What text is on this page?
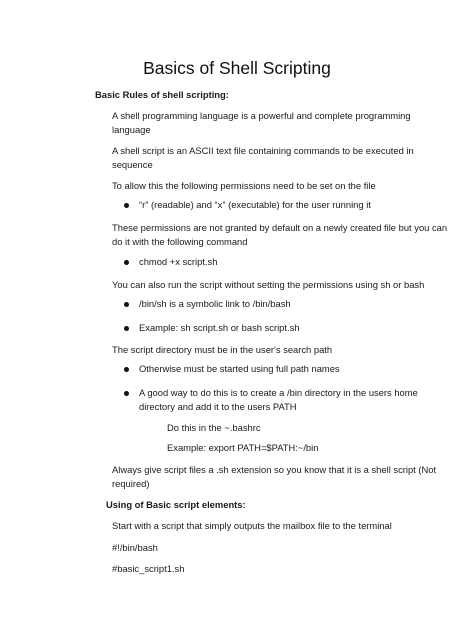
Basics of Shell Scripting
Basic Rules of shell scripting:
A shell programming language is a powerful and complete programming
language
A shell script is an ASCII text file containing commands to be executed in
sequence
To allow this the following permissions need to be set on the file
“r” (readable) and “x” (executable) for the user running it
These permissions are not granted by default on a newly created file but you can
do it with the following command
chmod +x script.sh
You can also run the script without setting the permissions using sh or bash
/bin/sh is a symbolic link to /bin/bash
Example: sh script.sh or bash script.sh
The script directory must be in the user's search path
Otherwise must be started using full path names
A good way to do this is to create a /bin directory in the users home
directory and add it to the users PATH
Do this in the ~.bashrc
Example: export PATH=$PATH:~/bin
Always give script files a .sh extension so you know that it is a shell script (Not
required)
Using of Basic script elements:
Start with a script that simply outputs the mailbox file to the terminal
#!/bin/bash
#basic_script1.sh
